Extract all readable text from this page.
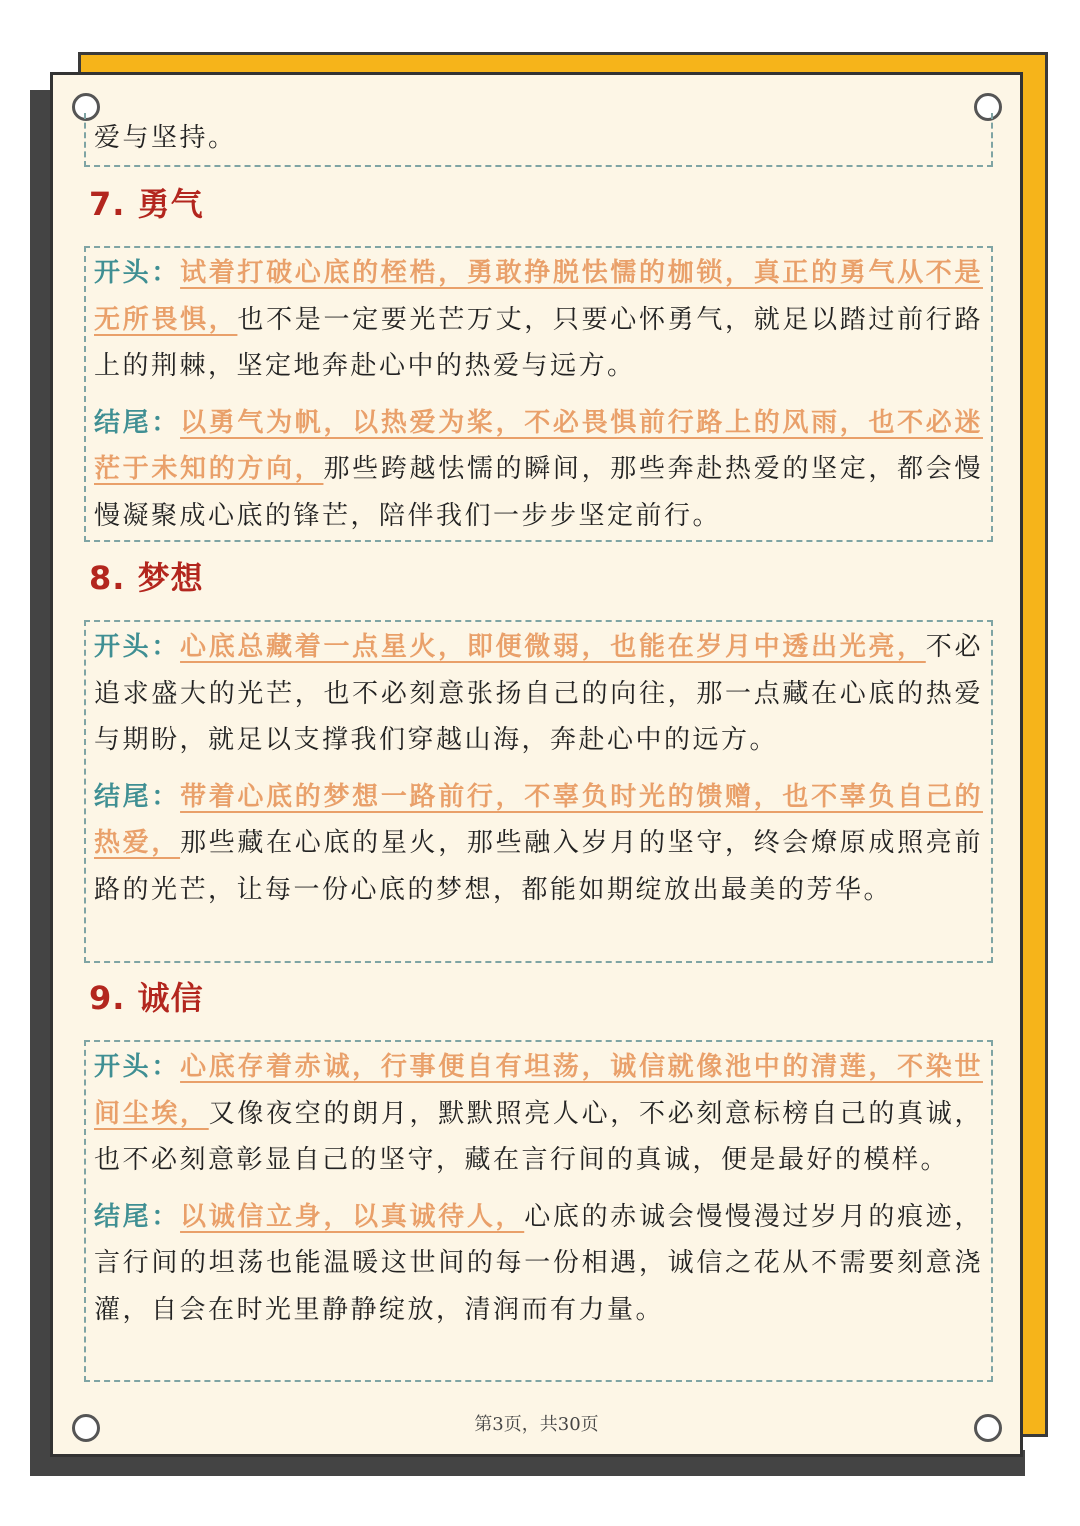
爱与坚持。

7. 勇气

开头：试着打破心底的桎梏，勇敢挣脱怯懦的枷锁，真正的勇气从不是无所畏惧，也不是一定要光芒万丈，只要心怀勇气，就足以踏过前行路上的荆棘，坚定地奔赴心中的热爱与远方。

结尾：以勇气为帆，以热爱为桨，不必畏惧前行路上的风雨，也不必迷茫于未知的方向，那些跨越怯懦的瞬间，那些奔赴热爱的坚定，都会慢慢凝聚成心底的锋芒，陪伴我们一步步坚定前行。

8. 梦想

开头：心底总藏着一点星火，即便微弱，也能在岁月中透出光亮，不必追求盛大的光芒，也不必刻意张扬自己的向往，那一点藏在心底的热爱与期盼，就足以支撑我们穿越山海，奔赴心中的远方。

结尾：带着心底的梦想一路前行，不辜负时光的馈赠，也不辜负自己的热爱，那些藏在心底的星火，那些融入岁月的坚守，终会燎原成照亮前路的光芒，让每一份心底的梦想，都能如期绽放出最美的芳华。

9. 诚信

开头：心底存着赤诚，行事便自有坦荡，诚信就像池中的清莲，不染世间尘埃，又像夜空的朗月，默默照亮人心，不必刻意标榜自己的真诚，也不必刻意彰显自己的坚守，藏在言行间的真诚，便是最好的模样。

结尾：以诚信立身，以真诚待人，心底的赤诚会慢慢漫过岁月的痕迹，言行间的坦荡也能温暖这世间的每一份相遇，诚信之花从不需要刻意浇灌，自会在时光里静静绽放，清润而有力量。

第3页，共30页
